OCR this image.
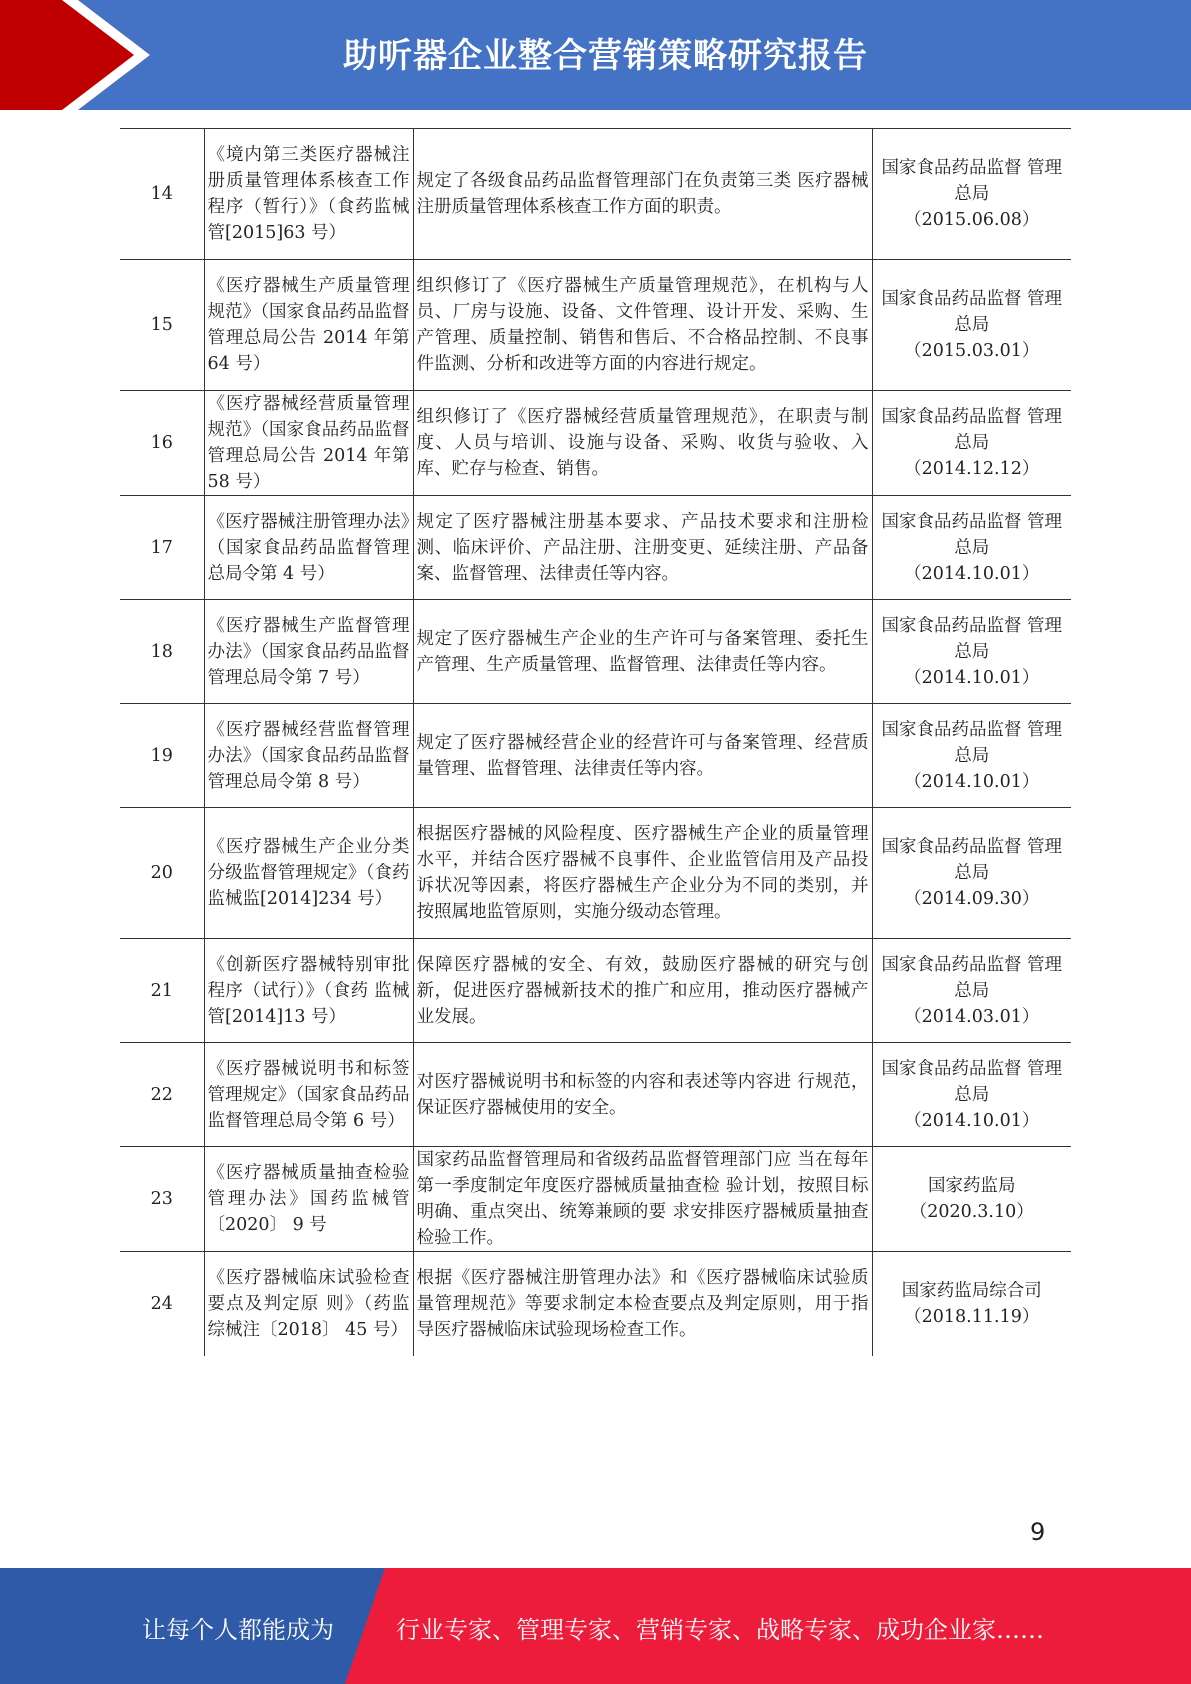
助听器企业整合营销策略研究报告
14	《境内第三类医疗器械注册质量管理体系核查工作程序（暂行）》（食药监械管[2015]63 号）	规定了各级食品药品监督管理部门在负责第三类 医疗器械注册质量管理体系核查工作方面的职责。	国家食品药品监督 管理总局
（2015.06.08）

15	《医疗器械生产质量管理规范》（国家食品药品监督管理总局公告 2014 年第 64 号）	组织修订了《医疗器械生产质量管理规范》，在机构与人员、厂房与设施、设备、文件管理、设计开发、采购、生产管理、质量控制、销售和售后、不合格品控制、不良事件监测、分析和改进等方面的内容进行规定。	国家食品药品监督 管理总局
（2015.03.01）

16	《医疗器械经营质量管理规范》（国家食品药品监督管理总局公告 2014 年第 58 号）	组织修订了《医疗器械经营质量管理规范》，在职责与制度、人员与培训、设施与设备、采购、收货与验收、入库、贮存与检查、销售。	国家食品药品监督 管理总局
（2014.12.12）

17	《医疗器械注册管理办法》（国家食品药品监督管理总局令第 4 号）	规定了医疗器械注册基本要求、产品技术要求和注册检测、临床评价、产品注册、注册变更、延续注册、产品备案、监督管理、法律责任等内容。	国家食品药品监督 管理总局
（2014.10.01）

18	《医疗器械生产监督管理办法》（国家食品药品监督管理总局令第 7 号）	规定了医疗器械生产企业的生产许可与备案管理、委托生产管理、生产质量管理、监督管理、法律责任等内容。	国家食品药品监督 管理总局
（2014.10.01）

19	《医疗器械经营监督管理办法》（国家食品药品监督管理总局令第 8 号）	规定了医疗器械经营企业的经营许可与备案管理、经营质量管理、监督管理、法律责任等内容。	国家食品药品监督 管理总局
（2014.10.01）

20	《医疗器械生产企业分类分级监督管理规定》（食药监械监[2014]234 号）	根据医疗器械的风险程度、医疗器械生产企业的质量管理水平，并结合医疗器械不良事件、企业监管信用及产品投诉状况等因素，将医疗器械生产企业分为不同的类别，并按照属地监管原则，实施分级动态管理。	国家食品药品监督 管理总局
（2014.09.30）

21	《创新医疗器械特别审批程序（试行）》（食药 监械管[2014]13 号）	保障医疗器械的安全、有效，鼓励医疗器械的研究与创新，促进医疗器械新技术的推广和应用，推动医疗器械产业发展。	国家食品药品监督 管理总局
（2014.03.01）

22	《医疗器械说明书和标签管理规定》（国家食品药品监督管理总局令第 6 号）	对医疗器械说明书和标签的内容和表述等内容进 行规范，保证医疗器械使用的安全。	国家食品药品监督 管理总局
（2014.10.01）

23	《医疗器械质量抽查检验管理办法》国药监械管〔2020〕 9 号	国家药品监督管理局和省级药品监督管理部门应 当在每年第一季度制定年度医疗器械质量抽查检 验计划，按照目标明确、重点突出、统筹兼顾的要 求安排医疗器械质量抽查检验工作。	国家药监局
（2020.3.10）

24	《医疗器械临床试验检查要点及判定原 则》（药监综械注〔2018〕 45 号）	根据《医疗器械注册管理办法》和《医疗器械临床试验质量管理规范》等要求制定本检查要点及判定原则，用于指导医疗器械临床试验现场检查工作。	国家药监局综合司
（2018.11.19）
9
让每个人都能成为	行业专家、管理专家、营销专家、战略专家、成功企业家……
